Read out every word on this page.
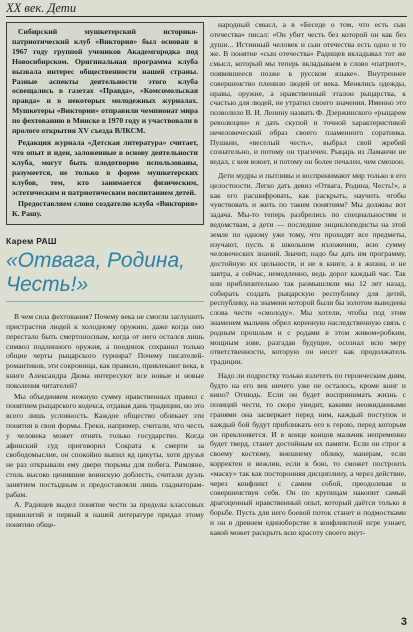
XX век. Дети

Сибирский мушкетерский историко-патриотический клуб «Виктория» был основан в 1967 году группой учеников Академгородка под Новосибирском. Оригинальная программа клуба вызвала интерес общественности нашей страны. Разные аспекты деятельности этого клуба освещались в газетах «Правда», «Комсомольская правда» и в некоторых молодежных журналах. Мушкетеры «Виктории» отправили чемпионат мира по фехтованию в Минске в 1970 году и участвовали в прологе открытия XV съезда ВЛКСМ.

Редакция журнала «Детская литература» считает, что опыт и идеи, заложенные в основу деятельности клуба, могут быть плодотворно использованы, разумеется, не только в форме мушкетерских клубов, тем, кто занимается физическим, эстетическим и патриотическим воспитанием детей.

Предоставляем слово создателю клуба «Виктория» К. Рашу.

Карем РАШ
«Отвага, Родина, Честь!»

В чем сила фехтования? Почему века не смогли заглушить пристрастия людей к холодному оружию, даже когда оно перестало быть смертоносным, когда от него остался лишь символ подлинного оружия, а поединок сохранил только общие черты рыцарского турнира? Почему писателей-романтиков, эти сокровища, как правило, привлекают века, в книге Александра Дюма интересуют все новые и новые поколения читателей?

Мы объединяем нежную сумму нравственных правил с понятием рыцарского кодекса, отдавая дань традиции, но это всего лишь условность. Каждое общество облекает эти понятия в свои формы. Греки, например, считали, что честь у человека может отнять только государство. Когда афинский суд приговорил Сократа к смерти за свободомыслие, он спокойно выпил яд цикуты, хотя друзья не раз открывали ему двери тюрьмы для побега. Римляне, столь высоко ценившие воинскую доблесть, считали дуэль занятием постыдным и предоставляли лишь гладиаторам-рабам.

А. Радищев выдел понятие чести за пределы классовых привилегий и первый в нашей литературе придал этому понятию обще-

народный смысл, а в «Беседе о том, что есть сын отечества» писал: «Он убит честь без которой он как без души... Истинный человек и сын отечества есть одно и то же. В понятие «сын отечества» Радищев вкладывал тот же смысл, который мы теперь вкладываем в слово «патриот», появившееся позже в русском языке». Внутреннее совершенство пленило людей от века. Менялись одежды, нравы, оружие, а нравственный эталон рыцарства, к счастью для людей, не утратил своего значения. Именно это позволило В. И. Ленину назвать Ф. Дзержинского «рыцарем революции» и дать скупой и точной характеристикой нечеловеческий образ своего пламенного соратника. Пушкин, «веселый честь», выбрал свой жребий сознательно, и потому он трагичен. Рыцарь из Ламанчи не ведал, с кем воюет, и потому он более печален, чем смешон.

Дети мудры и пытливы и воспринимают мир только в его целостности. Легко дать девиз «Отвага, Родина, Честь!», а как его расшифровать, как раскрыть, научить чтобы чувствовать и жить по таким понятиям? Мы должны вот задача. Мы-то теперь разбрелись по специальностям и ведомствам, а дети — последние энциклопедисты на этой земле по одному уже тому, что проходят все предметы, изучают, пусть в школьном изложении, всю сумму человеческих знаний. Значит, надо бы дать им программу, достойную их цельности, и не в книге, а в жизни, и не завтра, а сейчас, немедленно, ведь дорог каждый час. Так или приблизительно так размышляли мы 12 лет назад, собирать создать рыцарскую республику для детей, республику, на знамени которой были бы золотом выведены слова чести «смолоду». Мы хотели, чтобы под этим знаменем мальчик обрел коренную наследственную связь с родным прошлым и с родами в этом живом«робким, мощным зове, разгадав будущее, осознал всю меру ответственности, которую он несет как продолжатель традиции.

Надо ли подростку только взлететь по героическим дням, будто на его век ничего уже не осталось, кроме книг и кино? Отнюдь. Если он будет воспринимать жизнь с позиций чести, то скоро увидит, какими неожиданными гранями она засверкает перед ним, каждый поступок и каждый бой будут приближать его к герою, перед которым он преклоняется. И в конце концов мальчик непременно будет тверд, станет достойным их памяти. Если он строг к своему костюму, внешнему облику, манерам, если корректен и вежлив, если в бою, то сможет построить «маску» так как посторонняя дисциплину, а через действие, через конфликт с самим собой, преодолевая и совершенствуя себя. Он по крупицам накопит самый драгоценный нравственный опыт, который даётся только в борьбе. Пусть для него боевой поток станет и подмостками и он в древнем единоборстве в конфликтной игре узнает, какой может раскрыть всю красоту своего внут-

3
